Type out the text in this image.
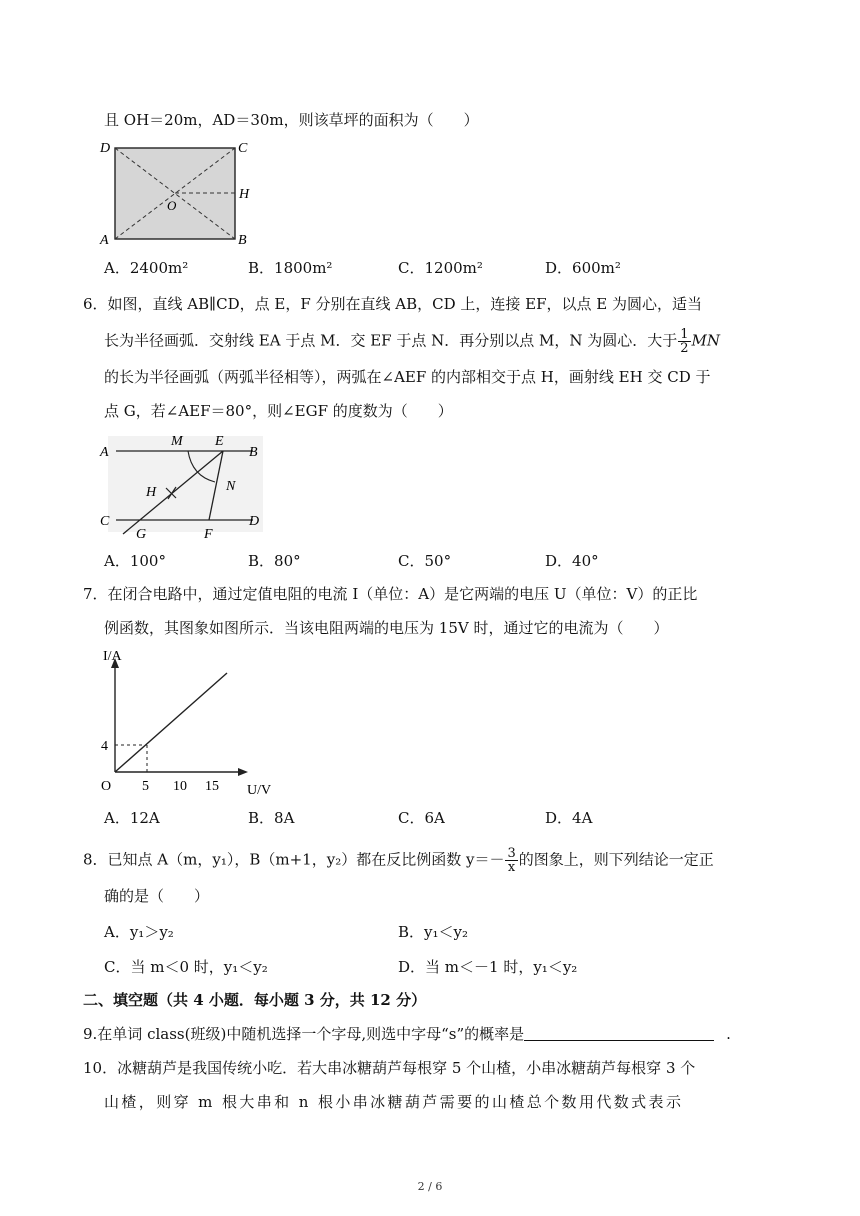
且 OH＝20m，AD＝30m，则该草坪的面积为（　　）
D	C
A	B
O
H
A．2400m²	B．1800m²	C．1200m²	D．600m²
6．如图，直线 AB∥CD，点 E，F 分别在直线 AB，CD 上，连接 EF，以点 E 为圆心，适当
长为半径画弧．交射线 EA 于点 M．交 EF 于点 N．再分别以点 M，N 为圆心．大于 $\frac{1}{2}$ MN
的长为半径画弧（两弧半径相等），两弧在∠AEF 的内部相交于点 H，画射线 EH 交 CD 于
点 G，若∠AEF＝80°，则∠EGF 的度数为（　　）
A	B
M E
N
H
C	D
G	F
A．100°	B．80°	C．50°	D．40°
7．在闭合电路中，通过定值电阻的电流 I（单位：A）是它两端的电压 U（单位：V）的正比
例函数，其图象如图所示．当该电阻两端的电压为 15V 时，通过它的电流为（　　）
I/A
U/V
O
4
5 10 15
A．12A	B．8A	C．6A	D．4A
8．已知点 A（m，y₁），B（m+1，y₂）都在反比例函数 $y=- \frac{3}{x}$ 的图象上，则下列结论一定正
确的是（　　）
A．y₁＞y₂	B．y₁＜y₂
C．当 m＜0 时，y₁＜y₂	D．当 m＜－1 时，y₁＜y₂
二、填空题（共 4 小题．每小题 3 分，共 12 分）
9.在单词 class(班级)中随机选择一个字母,则选中字母“s”的概率是	.
10．冰糖葫芦是我国传统小吃．若大串冰糖葫芦每根穿 5 个山楂，小串冰糖葫芦每根穿 3 个
山楂，则穿 m 根大串和 n 根小串冰糖葫芦需要的山楂总个数用代数式表示
2 / 6
